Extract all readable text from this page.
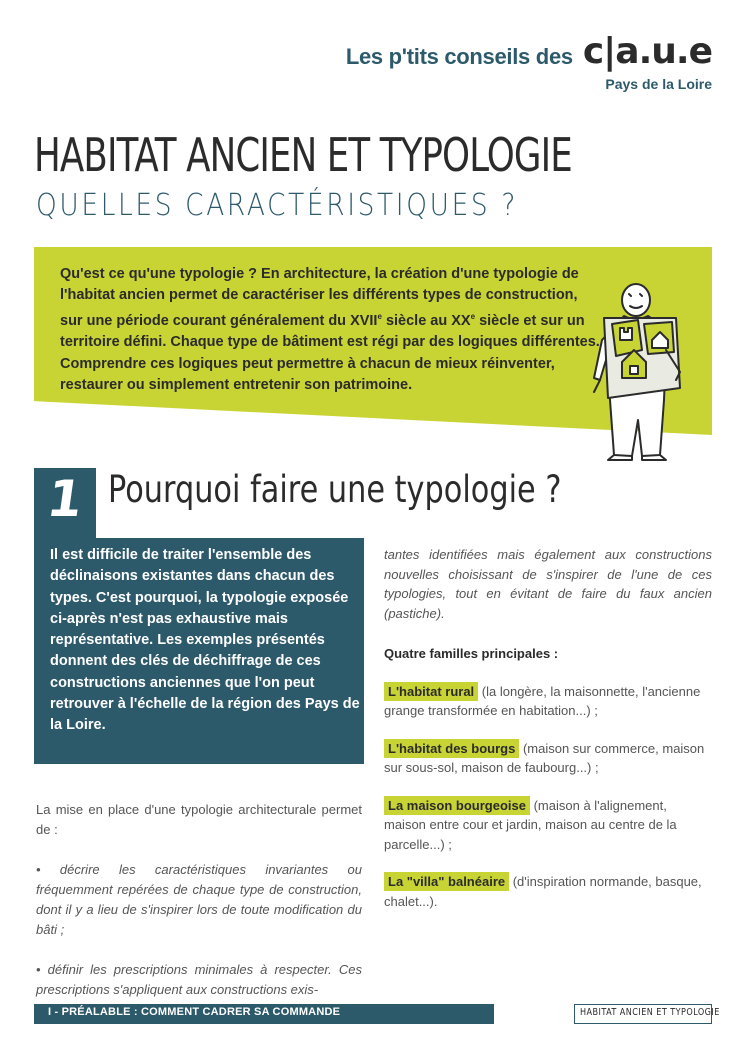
Les p'tits conseils des c|a.u.e
Pays de la Loire
HABITAT ANCIEN ET TYPOLOGIE
QUELLES CARACTÉRISTIQUES ?
Qu'est ce qu'une typologie ? En architecture, la création d'une typologie de l'habitat ancien permet de caractériser les différents types de construction, sur une période courant généralement du XVIIe siècle au XXe siècle et sur un territoire défini. Chaque type de bâtiment est régi par des logiques différentes. Comprendre ces logiques peut permettre à chacun de mieux réinventer, restaurer ou simplement entretenir son patrimoine.
1 Pourquoi faire une typologie ?
Il est difficile de traiter l'ensemble des déclinaisons existantes dans chacun des types. C'est pourquoi, la typologie exposée ci-après n'est pas exhaustive mais représentative. Les exemples présentés donnent des clés de déchiffrage de ces constructions anciennes que l'on peut retrouver à l'échelle de la région des Pays de la Loire.

La mise en place d'une typologie architecturale permet de :

• décrire les caractéristiques invariantes ou fréquemment repérées de chaque type de construction, dont il y a lieu de s'inspirer lors de toute modification du bâti ;

• définir les prescriptions minimales à respecter. Ces prescriptions s'appliquent aux constructions exis-

tantes identifiées mais également aux constructions nouvelles choisissant de s'inspirer de l'une de ces typologies, tout en évitant de faire du faux ancien (pastiche).
Quatre familles principales :
L'habitat rural (la longère, la maisonnette, l'ancienne grange transformée en habitation...) ;
L'habitat des bourgs (maison sur commerce, maison sur sous-sol, maison de faubourg...) ;
La maison bourgeoise (maison à l'alignement, maison entre cour et jardin, maison au centre de la parcelle...) ;
La "villa" balnéaire (d'inspiration normande, basque, chalet...).
I - PRÉALABLE : COMMENT CADRER SA COMMANDE	HABITAT ANCIEN ET TYPOLOGIE
